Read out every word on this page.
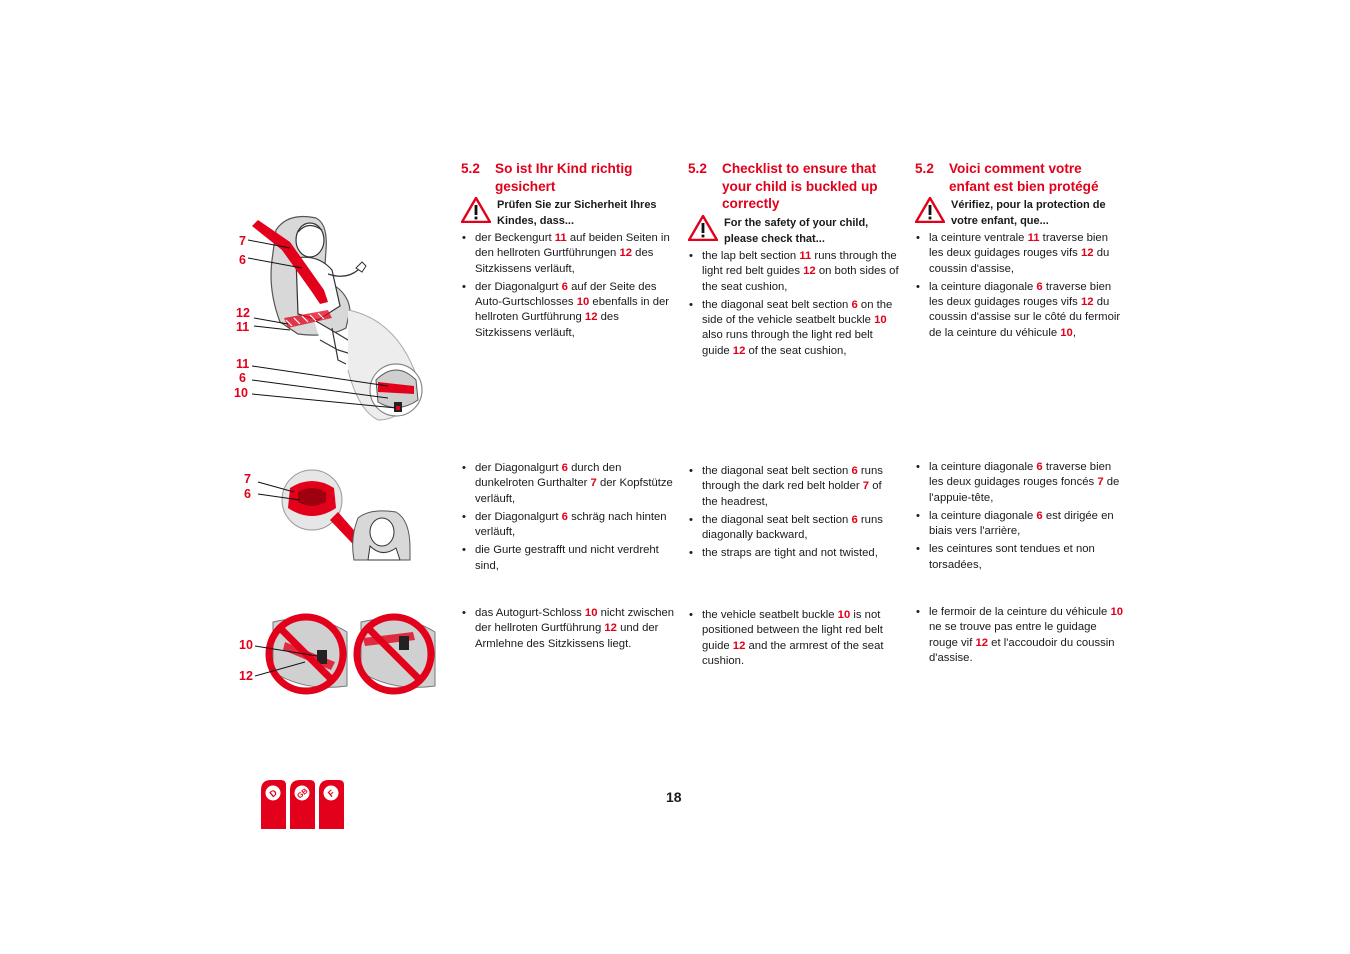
7
6
12
11
11
6
10
7
6
10
12
5.2 So ist Ihr Kind richtig gesichert
Prüfen Sie zur Sicherheit Ihres Kindes, dass...
• der Beckengurt 11 auf beiden Seiten in den hellroten Gurtführungen 12 des Sitzkissens verläuft,
• der Diagonalgurt 6 auf der Seite des Auto-Gurtschlosses 10 ebenfalls in der hellroten Gurtführung 12 des Sitzkissens verläuft,
• der Diagonalgurt 6 durch den dunkelroten Gurthalter 7 der Kopfstütze verläuft,
• der Diagonalgurt 6 schräg nach hinten verläuft,
• die Gurte gestrafft und nicht verdreht sind,
• das Autogurt-Schloss 10 nicht zwischen der hellroten Gurtführung 12 und der Armlehne des Sitzkissens liegt.
5.2 Checklist to ensure that your child is buckled up correctly
For the safety of your child, please check that...
• the lap belt section 11 runs through the light red belt guides 12 on both sides of the seat cushion,
• the diagonal seat belt section 6 on the side of the vehicle seatbelt buckle 10 also runs through the light red belt guide 12 of the seat cushion,
• the diagonal seat belt section 6 runs through the dark red belt holder 7 of the headrest,
• the diagonal seat belt section 6 runs diagonally backward,
• the straps are tight and not twisted,
• the vehicle seatbelt buckle 10 is not positioned between the light red belt guide 12 and the armrest of the seat cushion.
5.2 Voici comment votre enfant est bien protégé
Vérifiez, pour la protection de votre enfant, que...
• la ceinture ventrale 11 traverse bien les deux guidages rouges vifs 12 du coussin d'assise,
• la ceinture diagonale 6 traverse bien les deux guidages rouges vifs 12 du coussin d'assise sur le côté du fermoir de la ceinture du véhicule 10,
• la ceinture diagonale 6 traverse bien les deux guidages rouges foncés 7 de l'appuie-tête,
• la ceinture diagonale 6 est dirigée en biais vers l'arrière,
• les ceintures sont tendues et non torsadées,
• le fermoir de la ceinture du véhicule 10 ne se trouve pas entre le guidage rouge vif 12 et l'accoudoir du coussin d'assise.
D GB F	18
